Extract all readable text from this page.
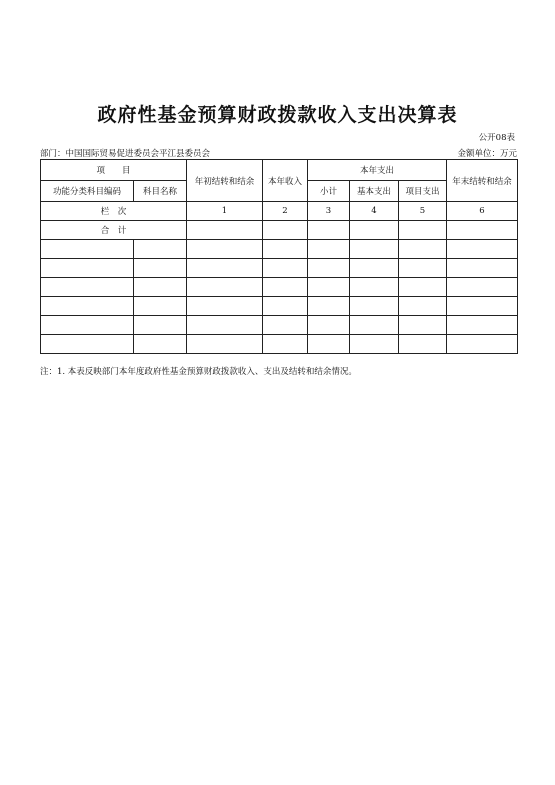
政府性基金预算财政拨款收入支出决算表
公开08表
部门：中国国际贸易促进委员会平江县委员会	金额单位：万元
项　　目		年初结转和结余	本年收入	本年支出			年末结转和结余
功能分类科目编码	科目名称			小计	基本支出	项目支出	
栏　次		1	2	3	4	5	6
合　计							

注：1. 本表反映部门本年度政府性基金预算财政拨款收入、支出及结转和结余情况。
